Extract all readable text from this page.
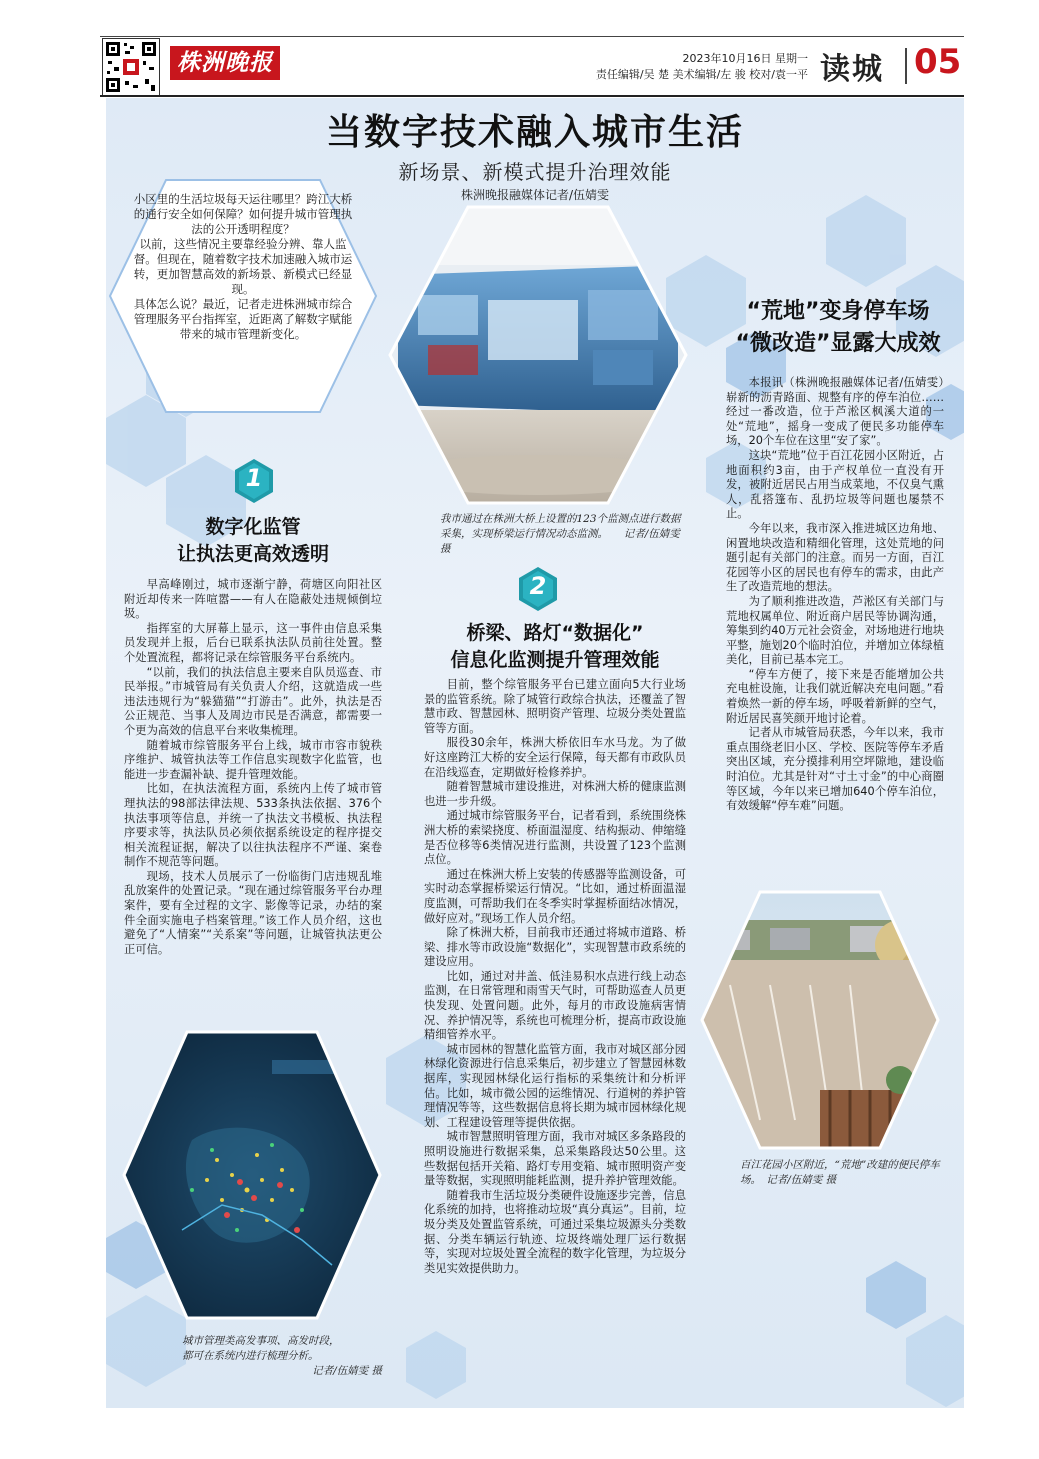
株洲晚报	2023年10月16日 星期一
责任编辑/吴 楚 美术编辑/左 骏 校对/袁一平 读城 05
当数字技术融入城市生活
新场景、新模式提升治理效能
株洲晚报融媒体记者/伍婧雯
小区里的生活垃圾每天运往哪里？跨江大桥的通行安全如何保障？如何提升城市管理执法的公开透明程度？
以前，这些情况主要靠经验分辨、靠人监督。但现在，随着数字技术加速融入城市运转，更加智慧高效的新场景、新模式已经显现。
具体怎么说？最近，记者走进株洲城市综合管理服务平台指挥室，近距离了解数字赋能带来的城市管理新变化。
我市通过在株洲大桥上设置的123个监测点进行数据采集，实现桥梁运行情况动态监测。　　记者/伍婧雯 摄
1
数字化监管
让执法更高效透明

早高峰刚过，城市逐渐宁静，荷塘区向阳社区附近却传来一阵喧嚣——有人在隐蔽处违规倾倒垃圾。

指挥室的大屏幕上显示，这一事件由信息采集员发现并上报，后台已联系执法队员前往处置。整个处置流程，都将记录在综管服务平台系统内。

“以前，我们的执法信息主要来自队员巡查、市民举报。”市城管局有关负责人介绍，这就造成一些违法违规行为“躲猫猫”“打游击”。此外，执法是否公正规范、当事人及周边市民是否满意，都需要一个更为高效的信息平台来收集梳理。

随着城市综管服务平台上线，城市市容市貌秩序维护、城管执法等工作信息实现数字化监管，也能进一步查漏补缺、提升管理效能。

比如，在执法流程方面，系统内上传了城市管理执法的98部法律法规、533条执法依据、376个执法事项等信息，并统一了执法文书模板、执法程序要求等，执法队员必须依据系统设定的程序提交相关流程证据，解决了以往执法程序不严谨、案卷制作不规范等问题。

现场，技术人员展示了一份临街门店违规乱堆乱放案件的处置记录。“现在通过综管服务平台办理案件，要有全过程的文字、影像等记录，办结的案件全面实施电子档案管理。”该工作人员介绍，这也避免了“人情案”“关系案”等问题，让城管执法更公正可信。

城市管理类高发事项、高发时段，
都可在系统内进行梳理分析。
记者/伍婧雯 摄
2
桥梁、路灯“数据化”
信息化监测提升管理效能

目前，整个综管服务平台已建立面向5大行业场景的监管系统。除了城管行政综合执法，还覆盖了智慧市政、智慧园林、照明资产管理、垃圾分类处置监管等方面。

服役30余年，株洲大桥依旧车水马龙。为了做好这座跨江大桥的安全运行保障，每天都有市政队员在沿线巡查，定期做好检修养护。

随着智慧城市建设推进，对株洲大桥的健康监测也进一步升级。

通过城市综管服务平台，记者看到，系统围绕株洲大桥的索梁挠度、桥面温湿度、结构振动、伸缩缝是否位移等6类情况进行监测，共设置了123个监测点位。

通过在株洲大桥上安装的传感器等监测设备，可实时动态掌握桥梁运行情况。“比如，通过桥面温湿度监测，可帮助我们在冬季实时掌握桥面结冰情况，做好应对。”现场工作人员介绍。

除了株洲大桥，目前我市还通过将城市道路、桥梁、排水等市政设施“数据化”，实现智慧市政系统的建设应用。

比如，通过对井盖、低洼易积水点进行线上动态监测，在日常管理和雨雪天气时，可帮助巡查人员更快发现、处置问题。此外，每月的市政设施病害情况、养护情况等，系统也可梳理分析，提高市政设施精细管养水平。

城市园林的智慧化监管方面，我市对城区部分园林绿化资源进行信息采集后，初步建立了智慧园林数据库，实现园林绿化运行指标的采集统计和分析评估。比如，城市微公园的运维情况、行道树的养护管理情况等等，这些数据信息将长期为城市园林绿化规划、工程建设管理等提供依据。

城市智慧照明管理方面，我市对城区多条路段的照明设施进行数据采集，总采集路段达50公里。这些数据包括开关箱、路灯专用变箱、城市照明资产变量等数据，实现照明能耗监测，提升养护管理效能。

随着我市生活垃圾分类硬件设施逐步完善，信息化系统的加持，也将推动垃圾“真分真运”。目前，垃圾分类及处置监管系统，可通过采集垃圾源头分类数据、分类车辆运行轨迹、垃圾终端处理厂运行数据等，实现对垃圾处置全流程的数字化管理，为垃圾分类见实效提供助力。

“荒地”变身停车场
“微改造”显露大成效

本报讯（株洲晚报融媒体记者/伍婧雯）崭新的沥青路面、规整有序的停车泊位……经过一番改造，位于芦淞区枫溪大道的一处“荒地”，摇身一变成了便民多功能停车场，20个车位在这里“安了家”。

这块“荒地”位于百江花园小区附近，占地面积约3亩，由于产权单位一直没有开发，被附近居民占用当成菜地，不仅臭气熏人，乱搭篷布、乱扔垃圾等问题也屡禁不止。

今年以来，我市深入推进城区边角地、闲置地块改造和精细化管理，这处荒地的问题引起有关部门的注意。而另一方面，百江花园等小区的居民也有停车的需求，由此产生了改造荒地的想法。

为了顺利推进改造，芦淞区有关部门与荒地权属单位、附近商户居民等协调沟通，筹集到约40万元社会资金，对场地进行地块平整，施划20个临时泊位，并增加立体绿植美化，目前已基本完工。

“停车方便了，接下来是否能增加公共充电桩设施，让我们就近解决充电问题。”看着焕然一新的停车场，呼吸着新鲜的空气，附近居民喜笑颜开地讨论着。

记者从市城管局获悉，今年以来，我市重点围绕老旧小区、学校、医院等停车矛盾突出区域，充分摸排利用空坪隙地，建设临时泊位。尤其是针对“寸土寸金”的中心商圈等区域，今年以来已增加640个停车泊位，有效缓解“停车难”问题。

百江花园小区附近，“荒地”改建的便民停车场。　记者/伍婧雯 摄
